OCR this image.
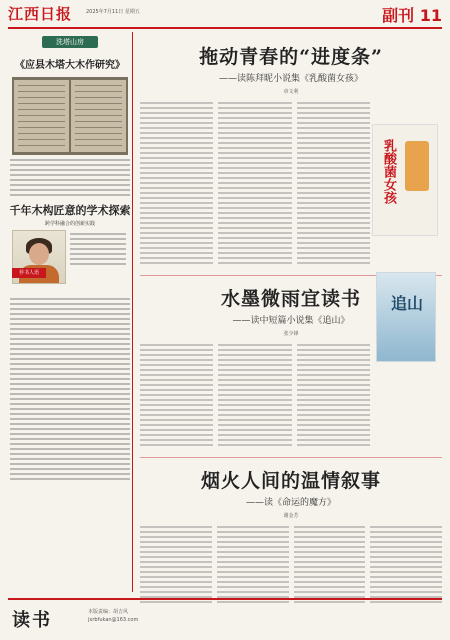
江西日报	2025年7月11日 星期五	副刊 11
洗塔山房
《应县木塔大木作研究》
千年木构匠意的学术探索
跨学科融合的创新实践
荐书人语
拖动青春的“进度条”
——读陈拜昵小说集《乳酸菌女孩》
章文利
乳酸菌女孩
水墨微雨宜读书
——读中短篇小说集《追山》
张少锋
追山
烟火人间的温情叙事
——读《命运的魔方》
谢金芳
读书	本版责编：胡吉风
jxrbfukan@163.com
